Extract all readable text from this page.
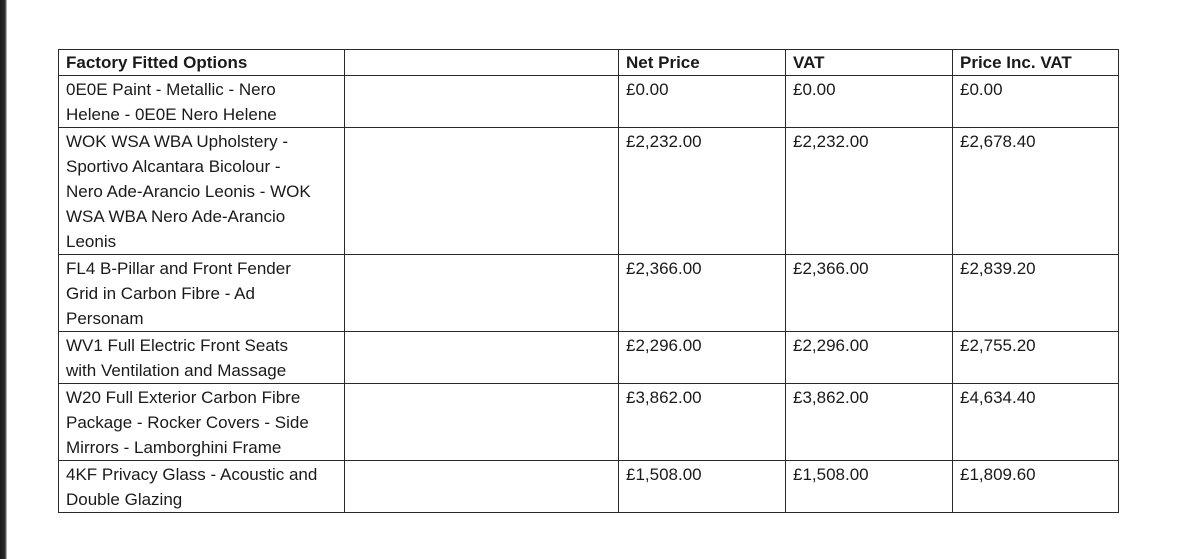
Factory Fitted Options		Net Price	VAT	Price Inc. VAT
0E0E Paint - Metallic - Nero
Helene - 0E0E Nero Helene		£0.00	£0.00	£0.00
WOK WSA WBA Upholstery -
Sportivo Alcantara Bicolour -
Nero Ade-Arancio Leonis - WOK
WSA WBA Nero Ade-Arancio
Leonis		£2,232.00	£2,232.00	£2,678.40
FL4 B-Pillar and Front Fender
Grid in Carbon Fibre - Ad
Personam		£2,366.00	£2,366.00	£2,839.20
WV1 Full Electric Front Seats
with Ventilation and Massage		£2,296.00	£2,296.00	£2,755.20
W20 Full Exterior Carbon Fibre
Package - Rocker Covers - Side
Mirrors - Lamborghini Frame		£3,862.00	£3,862.00	£4,634.40
4KF Privacy Glass - Acoustic and
Double Glazing		£1,508.00	£1,508.00	£1,809.60
